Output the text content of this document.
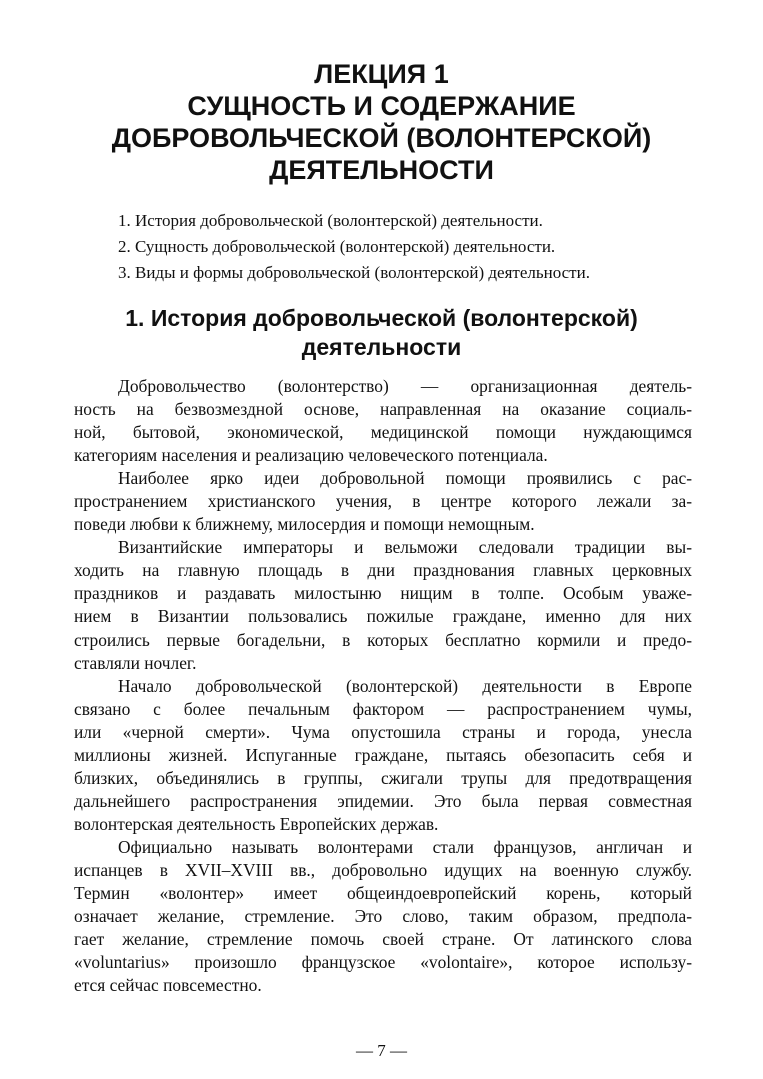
ЛЕКЦИЯ 1
СУЩНОСТЬ И СОДЕРЖАНИЕ
ДОБРОВОЛЬЧЕСКОЙ (ВОЛОНТЕРСКОЙ)
ДЕЯТЕЛЬНОСТИ
1. История добровольческой (волонтерской) деятельности.
2. Сущность добровольческой (волонтерской) деятельности.
3. Виды и формы добровольческой (волонтерской) деятельности.
1. История добровольческой (волонтерской)
деятельности

Добровольчество (волонтерство) — организационная деятель-
ность на безвозмездной основе, направленная на оказание социаль-
ной, бытовой, экономической, медицинской помощи нуждающимся
категориям населения и реализацию человеческого потенциала.

Наиболее ярко идеи добровольной помощи проявились с рас-
пространением христианского учения, в центре которого лежали за-
поведи любви к ближнему, милосердия и помощи немощным.

Византийские императоры и вельможи следовали традиции вы-
ходить на главную площадь в дни празднования главных церковных
праздников и раздавать милостыню нищим в толпе. Особым уваже-
нием в Византии пользовались пожилые граждане, именно для них
строились первые богадельни, в которых бесплатно кормили и предо-
ставляли ночлег.

Начало добровольческой (волонтерской) деятельности в Европе
связано с более печальным фактором — распространением чумы,
или «черной смерти». Чума опустошила страны и города, унесла
миллионы жизней. Испуганные граждане, пытаясь обезопасить себя и
близких, объединялись в группы, сжигали трупы для предотвращения
дальнейшего распространения эпидемии. Это была первая совместная
волонтерская деятельность Европейских держав.

Официально называть волонтерами стали французов, англичан и
испанцев в XVII–XVIII вв., добровольно идущих на военную службу.
Термин «волонтер» имеет общеиндоевропейский корень, который
означает желание, стремление. Это слово, таким образом, предпола-
гает желание, стремление помочь своей стране. От латинского слова
«voluntarius» произошло французское «volontaire», которое использу-
ется сейчас повсеместно.

— 7 —
